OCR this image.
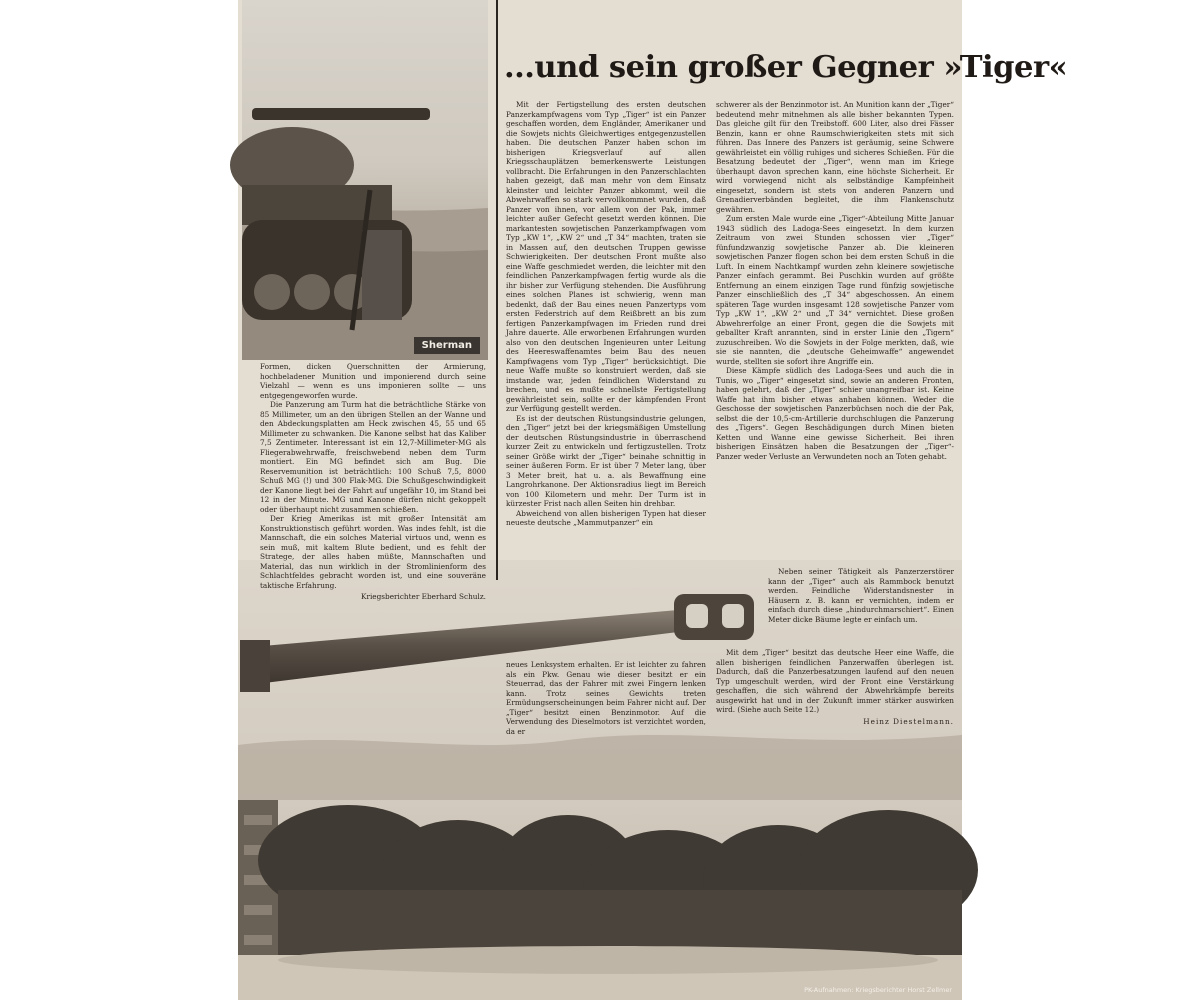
Sherman
...und sein großer Gegner »Tiger«

Formen, dicken Querschnitten der Armierung, hochbeladener Munition und imponierend durch seine Vielzahl — wenn es uns imponieren sollte — uns entgegengeworfen wurde.

Die Panzerung am Turm hat die beträchtliche Stärke von 85 Millimeter, um an den übrigen Stellen an der Wanne und den Abdeckungsplatten am Heck zwischen 45, 55 und 65 Millimeter zu schwanken. Die Kanone selbst hat das Kaliber 7,5 Zentimeter. Interessant ist ein 12,7-Millimeter-MG als Fliegerabwehrwaffe, freischwebend neben dem Turm montiert. Ein MG befindet sich am Bug. Die Reservemunition ist beträchtlich: 100 Schuß 7,5, 8000 Schuß MG (!) und 300 Flak-MG. Die Schußgeschwindigkeit der Kanone liegt bei der Fahrt auf ungefähr 10, im Stand bei 12 in der Minute. MG und Kanone dürfen nicht gekoppelt oder überhaupt nicht zusammen schießen.

Der Krieg Amerikas ist mit großer Intensität am Konstruktionstisch geführt worden. Was indes fehlt, ist die Mannschaft, die ein solches Material virtuos und, wenn es sein muß, mit kaltem Blute bedient, und es fehlt der Stratege, der alles haben müßte, Mannschaften und Material, das nun wirklich in der Stromlinienform des Schlachtfeldes gebracht worden ist, und eine souveräne taktische Erfahrung.

Kriegsberichter Eberhard Schulz.

Mit der Fertigstellung des ersten deutschen Panzerkampfwagens vom Typ „Tiger“ ist ein Panzer geschaffen worden, dem Engländer, Amerikaner und die Sowjets nichts Gleichwertiges entgegenzustellen haben. Die deutschen Panzer haben schon im bisherigen Kriegsverlauf auf allen Kriegsschauplätzen bemerkenswerte Leistungen vollbracht. Die Erfahrungen in den Panzerschlachten haben gezeigt, daß man mehr von dem Einsatz kleinster und leichter Panzer abkommt, weil die Abwehrwaffen so stark vervollkommnet wurden, daß Panzer von ihnen, vor allem von der Pak, immer leichter außer Gefecht gesetzt werden können. Die markantesten sowjetischen Panzerkampfwagen vom Typ „KW 1“, „KW 2“ und „T 34“ machten, traten sie in Massen auf, den deutschen Truppen gewisse Schwierigkeiten. Der deutschen Front mußte also eine Waffe geschmiedet werden, die leichter mit den feindlichen Panzerkampfwagen fertig wurde als die ihr bisher zur Verfügung stehenden. Die Ausführung eines solchen Planes ist schwierig, wenn man bedenkt, daß der Bau eines neuen Panzertyps vom ersten Federstrich auf dem Reißbrett an bis zum fertigen Panzerkampfwagen im Frieden rund drei Jahre dauerte. Alle erworbenen Erfahrungen wurden also von den deutschen Ingenieuren unter Leitung des Heereswaffenamtes beim Bau des neuen Kampfwagens vom Typ „Tiger“ berücksichtigt. Die neue Waffe mußte so konstruiert werden, daß sie imstande war, jeden feindlichen Widerstand zu brechen, und es mußte schnellste Fertigstellung gewährleistet sein, sollte er der kämpfenden Front zur Verfügung gestellt werden.

Es ist der deutschen Rüstungsindustrie gelungen, den „Tiger“ jetzt bei der kriegsmäßigen Umstellung der deutschen Rüstungsindustrie in überraschend kurzer Zeit zu entwickeln und fertigzustellen. Trotz seiner Größe wirkt der „Tiger“ beinahe schnittig in seiner äußeren Form. Er ist über 7 Meter lang, über 3 Meter breit, hat u. a. als Bewaffnung eine Langrohrkanone. Der Aktionsradius liegt im Bereich von 100 Kilometern und mehr. Der Turm ist in kürzester Frist nach allen Seiten hin drehbar.

Abweichend von allen bisherigen Typen hat dieser neueste deutsche „Mammutpanzer“ ein

neues Lenksystem erhalten. Er ist leichter zu fahren als ein Pkw. Genau wie dieser besitzt er ein Steuerrad, das der Fahrer mit zwei Fingern lenken kann. Trotz seines Gewichts treten Ermüdungserscheinungen beim Fahrer nicht auf. Der „Tiger“ besitzt einen Benzinmotor. Auf die Verwendung des Dieselmotors ist verzichtet worden, da er

schwerer als der Benzinmotor ist. An Munition kann der „Tiger“ bedeutend mehr mitnehmen als alle bisher bekannten Typen. Das gleiche gilt für den Treibstoff. 600 Liter, also drei Fässer Benzin, kann er ohne Raumschwierigkeiten stets mit sich führen. Das Innere des Panzers ist geräumig, seine Schwere gewährleistet ein völlig ruhiges und sicheres Schießen. Für die Besatzung bedeutet der „Tiger“, wenn man im Kriege überhaupt davon sprechen kann, eine höchste Sicherheit. Er wird vorwiegend nicht als selbständige Kampfeinheit eingesetzt, sondern ist stets von anderen Panzern und Grenadierverbänden begleitet, die ihm Flankenschutz gewähren.

Zum ersten Male wurde eine „Tiger“-Abteilung Mitte Januar 1943 südlich des Ladoga-Sees eingesetzt. In dem kurzen Zeitraum von zwei Stunden schossen vier „Tiger“ fünfundzwanzig sowjetische Panzer ab. Die kleineren sowjetischen Panzer flogen schon bei dem ersten Schuß in die Luft. In einem Nachtkampf wurden zehn kleinere sowjetische Panzer einfach gerammt. Bei Puschkin wurden auf größte Entfernung an einem einzigen Tage rund fünfzig sowjetische Panzer einschließlich des „T 34“ abgeschossen. An einem späteren Tage wurden insgesamt 128 sowjetische Panzer vom Typ „KW 1“, „KW 2“ und „T 34“ vernichtet. Diese großen Abwehrerfolge an einer Front, gegen die die Sowjets mit geballter Kraft anrannten, sind in erster Linie den „Tigern“ zuzuschreiben. Wo die Sowjets in der Folge merkten, daß, wie sie sie nannten, die „deutsche Geheimwaffe“ angewendet wurde, stellten sie sofort ihre Angriffe ein.

Diese Kämpfe südlich des Ladoga-Sees und auch die in Tunis, wo „Tiger“ eingesetzt sind, sowie an anderen Fronten, haben gelehrt, daß der „Tiger“ schier unangreifbar ist. Keine Waffe hat ihm bisher etwas anhaben können. Weder die Geschosse der sowjetischen Panzerbüchsen noch die der Pak, selbst die der 10,5-cm-Artillerie durchschlugen die Panzerung des „Tigers“. Gegen Beschädigungen durch Minen bieten Ketten und Wanne eine gewisse Sicherheit. Bei ihren bisherigen Einsätzen haben die Besatzungen der „Tiger“-Panzer weder Verluste an Verwundeten noch an Toten gehabt.

Neben seiner Tätigkeit als Panzerzerstörer kann der „Tiger“ auch als Rammbock benutzt werden. Feindliche Widerstandsnester in Häusern z. B. kann er vernichten, indem er einfach durch diese „hindurchmarschiert“. Einen Meter dicke Bäume legte er einfach um.

Mit dem „Tiger“ besitzt das deutsche Heer eine Waffe, die allen bisherigen feindlichen Panzerwaffen überlegen ist. Dadurch, daß die Panzerbesatzungen laufend auf den neuen Typ umgeschult werden, wird der Front eine Verstärkung geschaffen, die sich während der Abwehrkämpfe bereits ausgewirkt hat und in der Zukunft immer stärker auswirken wird. (Siehe auch Seite 12.)

Heinz Diestelmann.

PK-Aufnahmen: Kriegsberichter Horst Zellmer
